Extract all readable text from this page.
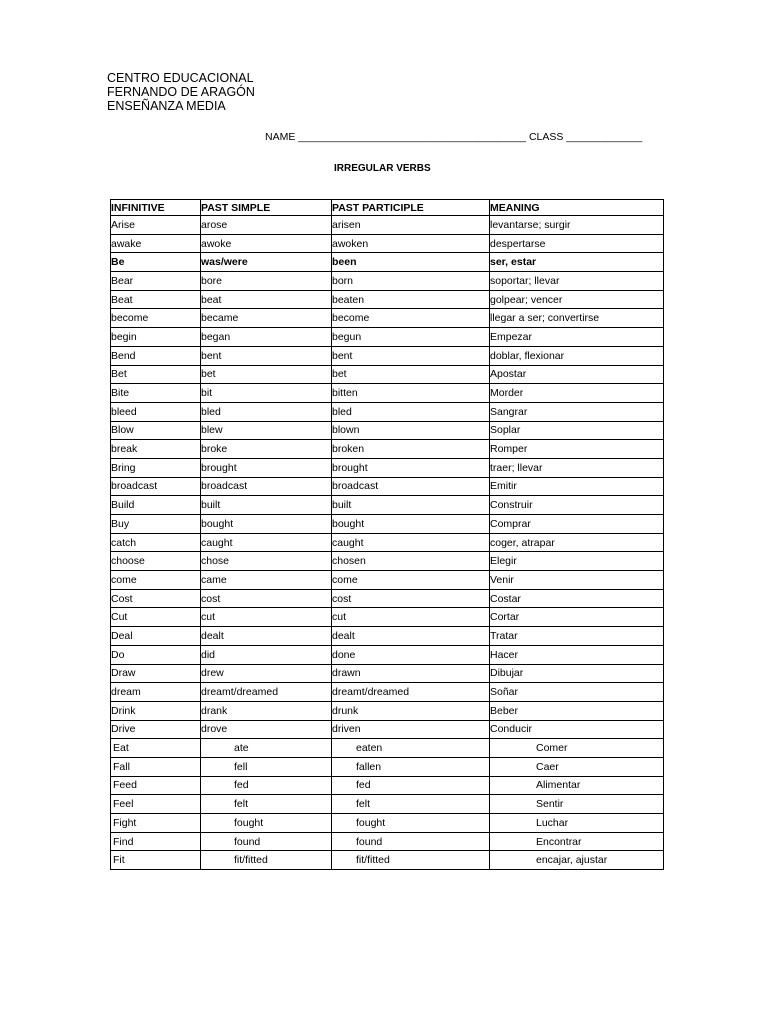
CENTRO EDUCACIONAL
FERNANDO DE ARAGÓN
ENSEÑANZA MEDIA
NAME _______________________________________ CLASS _____________
IRREGULAR VERBS
INFINITIVE	PAST SIMPLE	PAST PARTICIPLE	MEANING
Arise	arose	arisen	levantarse; surgir
awake	awoke	awoken	despertarse
Be	was/were	been	ser, estar
Bear	bore	born	soportar; llevar
Beat	beat	beaten	golpear; vencer
become	became	become	llegar a ser; convertirse
begin	began	begun	Empezar
Bend	bent	bent	doblar, flexionar
Bet	bet	bet	Apostar
Bite	bit	bitten	Morder
bleed	bled	bled	Sangrar
Blow	blew	blown	Soplar
break	broke	broken	Romper
Bring	brought	brought	traer; llevar
broadcast	broadcast	broadcast	Emitir
Build	built	built	Construir
Buy	bought	bought	Comprar
catch	caught	caught	coger, atrapar
choose	chose	chosen	Elegir
come	came	come	Venir
Cost	cost	cost	Costar
Cut	cut	cut	Cortar
Deal	dealt	dealt	Tratar
Do	did	done	Hacer
Draw	drew	drawn	Dibujar
dream	dreamt/dreamed	dreamt/dreamed	Soñar
Drink	drank	drunk	Beber
Drive	drove	driven	Conducir
Eat	ate	eaten	Comer
Fall	fell	fallen	Caer
Feed	fed	fed	Alimentar
Feel	felt	felt	Sentir
Fight	fought	fought	Luchar
Find	found	found	Encontrar
Fit	fit/fitted	fit/fitted	encajar, ajustar
